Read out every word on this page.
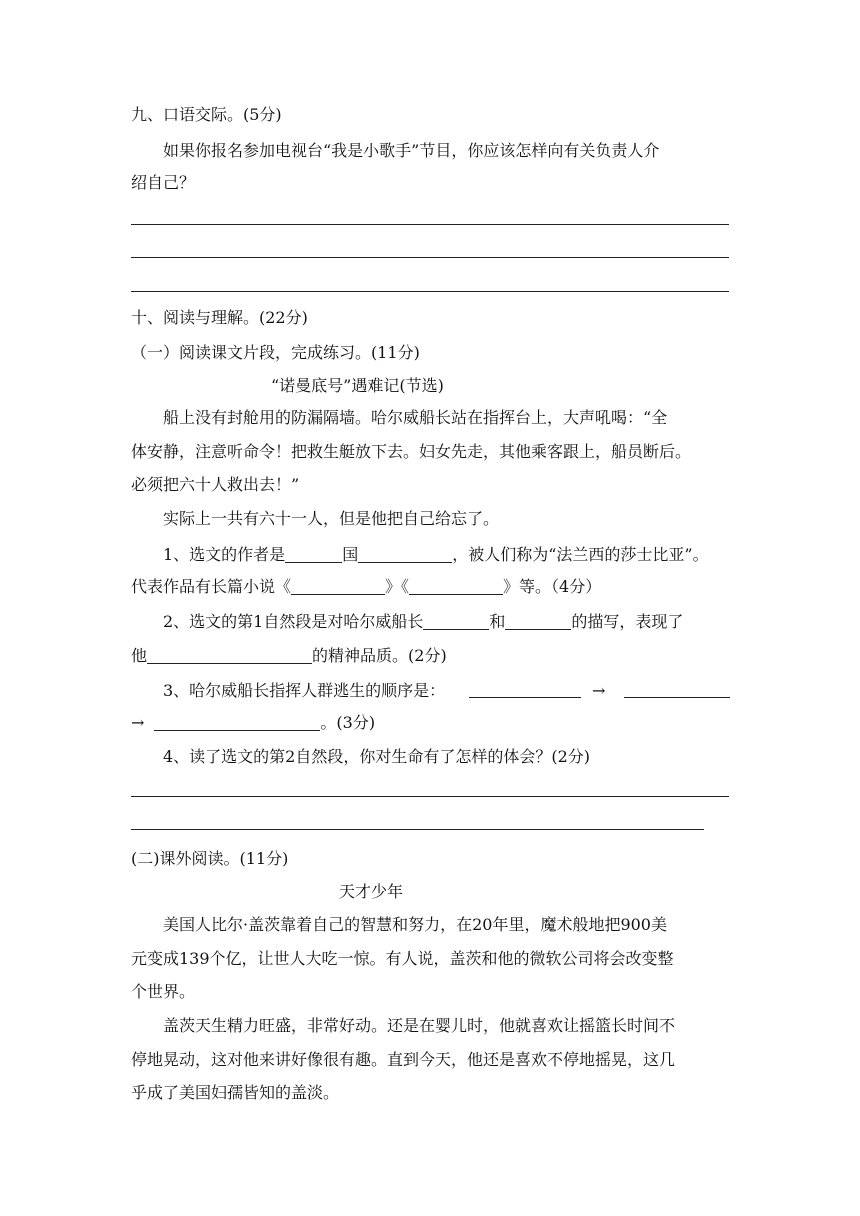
九、口语交际。(5分)
如果你报名参加电视台“我是小歌手”节目，你应该怎样向有关负责人介
绍自己？
十、阅读与理解。(22分)
（一）阅读课文片段，完成练习。(11分)
“诺曼底号”遇难记(节选)
船上没有封舱用的防漏隔墙。哈尔威船长站在指挥台上，大声吼喝：“全
体安静，注意听命令！把救生艇放下去。妇女先走，其他乘客跟上，船员断后。
必须把六十人救出去！”
实际上一共有六十一人，但是他把自己给忘了。
1、选文的作者是	国	，被人们称为“法兰西的莎士比亚”。
代表作品有长篇小说《	》《	》等。（4分）
2、选文的第1自然段是对哈尔威船长	和	的描写，表现了
他	的精神品质。(2分)
3、哈尔威船长指挥人群逃生的顺序是：	→
→	。(3分)
4、读了选文的第2自然段，你对生命有了怎样的体会？(2分)
(二)课外阅读。(11分)
天才少年
美国人比尔·盖茨靠着自己的智慧和努力，在20年里，魔术般地把900美
元变成139个亿，让世人大吃一惊。有人说，盖茨和他的微软公司将会改变整
个世界。
盖茨天生精力旺盛，非常好动。还是在婴儿时，他就喜欢让摇篮长时间不
停地晃动，这对他来讲好像很有趣。直到今天，他还是喜欢不停地摇晃，这几
乎成了美国妇孺皆知的盖淡。
